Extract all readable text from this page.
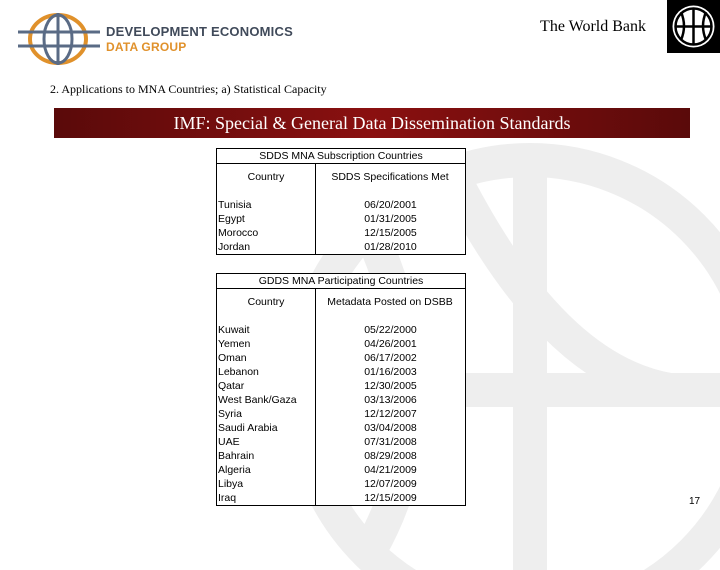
DEVELOPMENT ECONOMICS
DATA GROUP
The World Bank
2. Applications to MNA Countries; a) Statistical Capacity
IMF: Special & General Data Dissemination Standards
SDDS MNA Subscription Countries
Country	SDDS Specifications Met
Tunisia	06/20/2001
Egypt	01/31/2005
Morocco	12/15/2005
Jordan	01/28/2010
GDDS MNA Participating Countries
Country	Metadata Posted on DSBB
Kuwait	05/22/2000
Yemen	04/26/2001
Oman	06/17/2002
Lebanon	01/16/2003
Qatar	12/30/2005
West Bank/Gaza	03/13/2006
Syria	12/12/2007
Saudi Arabia	03/04/2008
UAE	07/31/2008
Bahrain	08/29/2008
Algeria	04/21/2009
Libya	12/07/2009
Iraq	12/15/2009	17
